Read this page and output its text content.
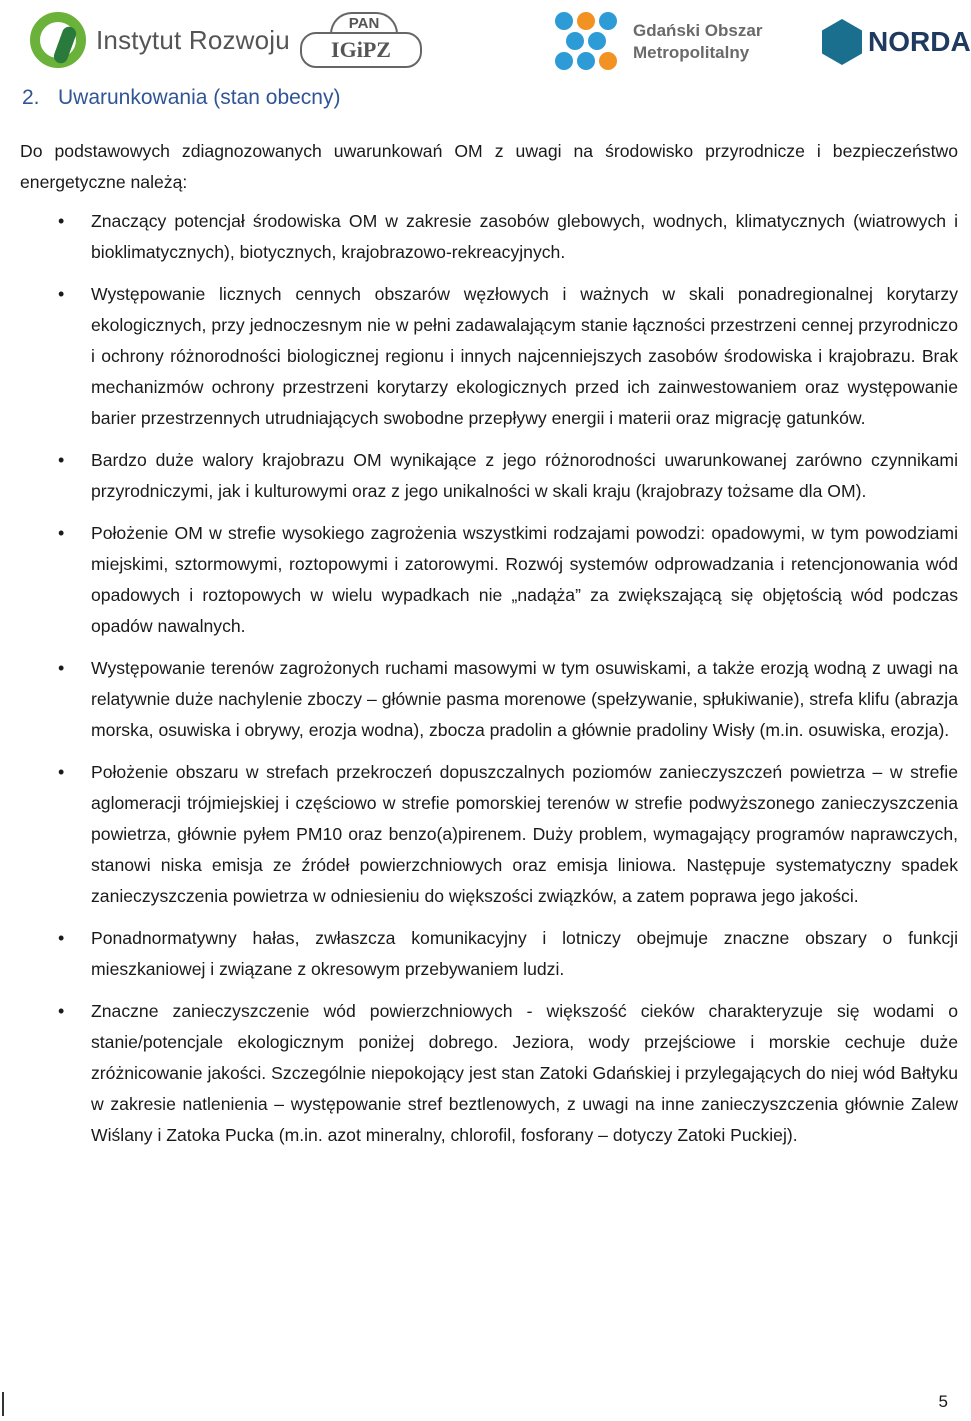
Instytut Rozwoju
PAN
IGiPZ
Gdański Obszar
Metropolitalny	NORDA
2. Uwarunkowania (stan obecny)

Do podstawowych zdiagnozowanych uwarunkowań OM z uwagi na środowisko przyrodnicze i bezpieczeństwo energetyczne należą:

• Znaczący potencjał środowiska OM w zakresie zasobów glebowych, wodnych, klimatycznych (wiatrowych i bioklimatycznych), biotycznych, krajobrazowo-rekreacyjnych.
• Występowanie licznych cennych obszarów węzłowych i ważnych w skali ponadregionalnej korytarzy ekologicznych, przy jednoczesnym nie w pełni zadawalającym stanie łączności przestrzeni cennej przyrodniczo i ochrony różnorodności biologicznej regionu i innych najcenniejszych zasobów środowiska i krajobrazu. Brak mechanizmów ochrony przestrzeni korytarzy ekologicznych przed ich zainwestowaniem oraz występowanie barier przestrzennych utrudniających swobodne przepływy energii i materii oraz migrację gatunków.
• Bardzo duże walory krajobrazu OM wynikające z jego różnorodności uwarunkowanej zarówno czynnikami przyrodniczymi, jak i kulturowymi oraz z jego unikalności w skali kraju (krajobrazy tożsame dla OM).
• Położenie OM w strefie wysokiego zagrożenia wszystkimi rodzajami powodzi: opadowymi, w tym powodziami miejskimi, sztormowymi, roztopowymi i zatorowymi. Rozwój systemów odprowadzania i retencjonowania wód opadowych i roztopowych w wielu wypadkach nie „nadąża” za zwiększającą się objętością wód podczas opadów nawalnych.
• Występowanie terenów zagrożonych ruchami masowymi w tym osuwiskami, a także erozją wodną z uwagi na relatywnie duże nachylenie zboczy – głównie pasma morenowe (spełzywanie, spłukiwanie), strefa klifu (abrazja morska, osuwiska i obrywy, erozja wodna), zbocza pradolin a głównie pradoliny Wisły (m.in. osuwiska, erozja).
• Położenie obszaru w strefach przekroczeń dopuszczalnych poziomów zanieczyszczeń powietrza – w strefie aglomeracji trójmiejskiej i częściowo w strefie pomorskiej terenów w strefie podwyższonego zanieczyszczenia powietrza, głównie pyłem PM10 oraz benzo(a)pirenem. Duży problem, wymagający programów naprawczych, stanowi niska emisja ze źródeł powierzchniowych oraz emisja liniowa. Następuje systematyczny spadek zanieczyszczenia powietrza w odniesieniu do większości związków, a zatem poprawa jego jakości.
• Ponadnormatywny hałas, zwłaszcza komunikacyjny i lotniczy obejmuje znaczne obszary o funkcji mieszkaniowej i związane z okresowym przebywaniem ludzi.
• Znaczne zanieczyszczenie wód powierzchniowych - większość cieków charakteryzuje się wodami o stanie/potencjale ekologicznym poniżej dobrego. Jeziora, wody przejściowe i morskie cechuje duże zróżnicowanie jakości. Szczególnie niepokojący jest stan Zatoki Gdańskiej i przylegających do niej wód Bałtyku w zakresie natlenienia – występowanie stref beztlenowych, z uwagi na inne zanieczyszczenia głównie Zalew Wiślany i Zatoka Pucka (m.in. azot mineralny, chlorofil, fosforany – dotyczy Zatoki Puckiej).
5
